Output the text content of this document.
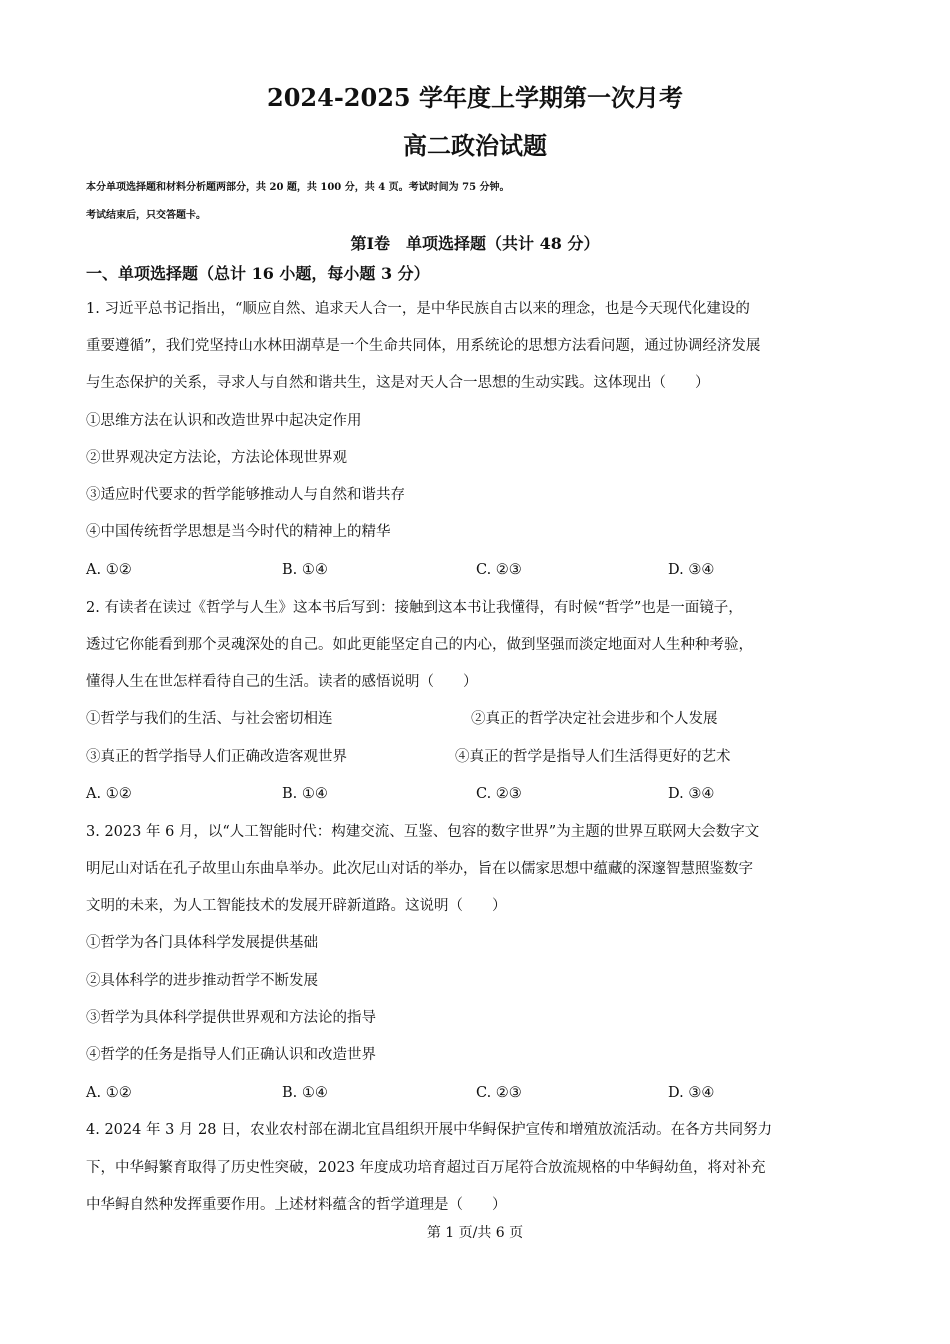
2024-2025 学年度上学期第一次月考
高二政治试题
本分单项选择题和材料分析题两部分，共 20 题，共 100 分，共 4 页。考试时间为 75 分钟。
考试结束后，只交答题卡。
第Ⅰ卷　单项选择题（共计 48 分）
一、单项选择题（总计 16 小题，每小题 3 分）
1. 习近平总书记指出，“顺应自然、追求天人合一，是中华民族自古以来的理念，也是今天现代化建设的
重要遵循”，我们党坚持山水林田湖草是一个生命共同体，用系统论的思想方法看问题，通过协调经济发展
与生态保护的关系，寻求人与自然和谐共生，这是对天人合一思想的生动实践。这体现出（　　）
①思维方法在认识和改造世界中起决定作用
②世界观决定方法论，方法论体现世界观
③适应时代要求的哲学能够推动人与自然和谐共存
④中国传统哲学思想是当今时代的精神上的精华
A. ①②	B. ①④	C. ②③	D. ③④
2. 有读者在读过《哲学与人生》这本书后写到：接触到这本书让我懂得，有时候“哲学”也是一面镜子，
透过它你能看到那个灵魂深处的自己。如此更能坚定自己的内心，做到坚强而淡定地面对人生种种考验，
懂得人生在世怎样看待自己的生活。读者的感悟说明（　　）
①哲学与我们的生活、与社会密切相连	②真正的哲学决定社会进步和个人发展
③真正的哲学指导人们正确改造客观世界	④真正的哲学是指导人们生活得更好的艺术
A. ①②	B. ①④	C. ②③	D. ③④
3. 2023 年 6 月，以“人工智能时代：构建交流、互鉴、包容的数字世界”为主题的世界互联网大会数字文
明尼山对话在孔子故里山东曲阜举办。此次尼山对话的举办，旨在以儒家思想中蕴藏的深邃智慧照鉴数字
文明的未来，为人工智能技术的发展开辟新道路。这说明（　　）
①哲学为各门具体科学发展提供基础
②具体科学的进步推动哲学不断发展
③哲学为具体科学提供世界观和方法论的指导
④哲学的任务是指导人们正确认识和改造世界
A. ①②	B. ①④	C. ②③	D. ③④
4. 2024 年 3 月 28 日，农业农村部在湖北宜昌组织开展中华鲟保护宣传和增殖放流活动。在各方共同努力
下，中华鲟繁育取得了历史性突破，2023 年度成功培育超过百万尾符合放流规格的中华鲟幼鱼，将对补充
中华鲟自然种发挥重要作用。上述材料蕴含的哲学道理是（　　）
第 1 页/共 6 页
